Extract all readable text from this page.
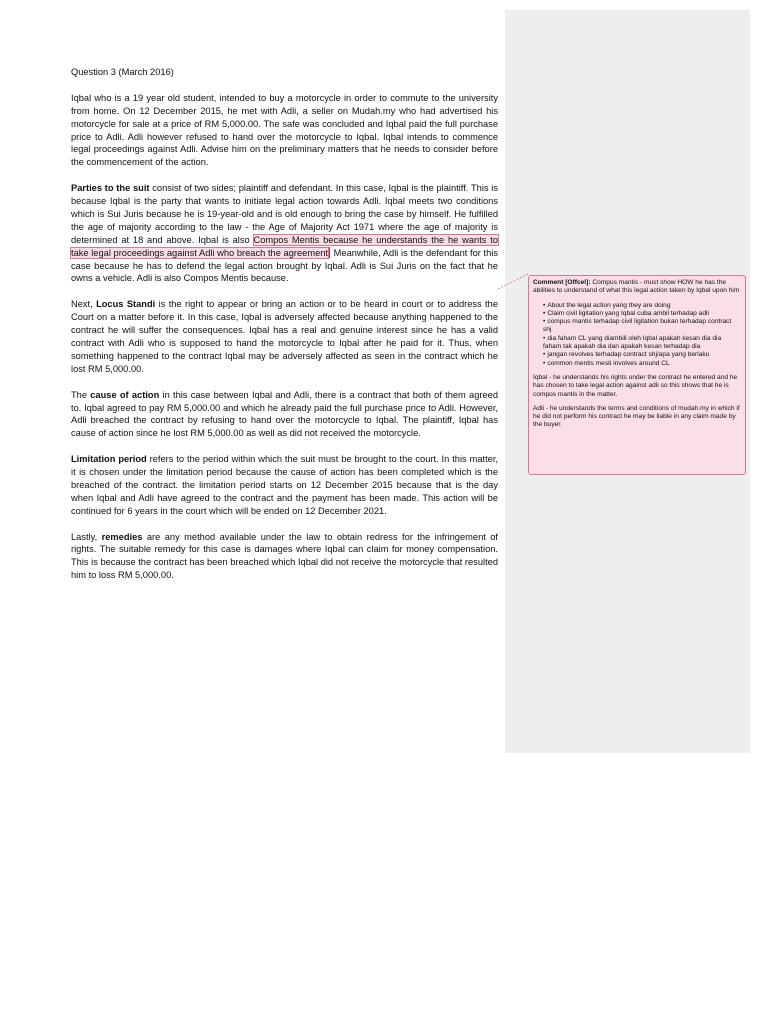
Question 3 (March 2016)

Iqbal who is a 19 year old student, intended to buy a motorcycle in order to commute to the university from home. On 12 December 2015, he met with Adli, a seller on Mudah.my who had advertised his motorcycle for sale at a price of RM 5,000.00. The safe was concluded and Iqbal paid the full purchase price to Adli. Adli however refused to hand over the motorcycle to Iqbal. Iqbal intends to commence legal proceedings against Adli. Advise him on the preliminary matters that he needs to consider before the commencement of the action.

Parties to the suit consist of two sides; plaintiff and defendant. In this case, Iqbal is the plaintiff. This is because Iqbal is the party that wants to initiate legal action towards Adli. Iqbal meets two conditions which is Sui Juris because he is 19-year-old and is old enough to bring the case by himself. He fulfilled the age of majority according to the law - the Age of Majority Act 1971 where the age of majority is determined at 18 and above. Iqbal is also Compos Mentis because he understands the he wants to take legal proceedings against Adli who breach the agreement Meanwhile, Adli is the defendant for this case because he has to defend the legal action brought by Iqbal. Adli is Sui Juris on the fact that he owns a vehicle. Adli is also Compos Mentis because.

Next, Locus Standi is the right to appear or bring an action or to be heard in court or to address the Court on a matter before it. In this case, Iqbal is adversely affected because anything happened to the contract he will suffer the consequences. Iqbal has a real and genuine interest since he has a valid contract with Adli who is supposed to hand the motorcycle to Iqbal after he paid for it. Thus, when something happened to the contract Iqbal may be adversely affected as seen in the contract which he lost RM 5,000.00.

The cause of action in this case between Iqbal and Adli, there is a contract that both of them agreed to. Iqbal agreed to pay RM 5,000.00 and which he already paid the full purchase price to Adli. However, Adli breached the contract by refusing to hand over the motorcycle to Iqbal. The plaintiff, Iqbal has cause of action since he lost RM 5,000.00 as well as did not received the motorcycle.

Limitation period refers to the period within which the suit must be brought to the court. In this matter, it is chosen under the limitation period because the cause of action has been completed which is the breached of the contract. the limitation period starts on 12 December 2015 because that is the day when Iqbal and Adli have agreed to the contract and the payment has been made. This action will be continued for 6 years in the court which will be ended on 12 December 2021.

Lastly, remedies are any method available under the law to obtain redress for the infringement of rights. The suitable remedy for this case is damages where Iqbal can claim for money compensation. This is because the contract has been breached which Iqbal did not receive the motorcycle that resulted him to loss RM 5,000.00.

Comment [Offcel]: Compus mantis - must show HOW he has the abilities to understand of what this legal action taken by Iqbal upon him
• About the legal action yang they are doing
• Claim civil ligitation yang Iqbal cuba ambil terhadap adli
• compus mantis terhadap civil ligitation bukan terhadap contract shj
• dia faham CL yang diambili oleh Iqbal apakah kesan dia dia faham tak apakah dia dan apakah kesan terhadap dia
• jangan revolves terhadap contract shj/apa yang berlaku
• common mentis mesti involves around CL

Iqbal - he understands his rights under the contract he entered and he has chosen to take legal action against adli so this shows that he is compos mantis in the matter.

Adli - he understands the terms and conditions of mudah.my in which if he did not perform his contract he may be liable in any claim made by the buyer.
